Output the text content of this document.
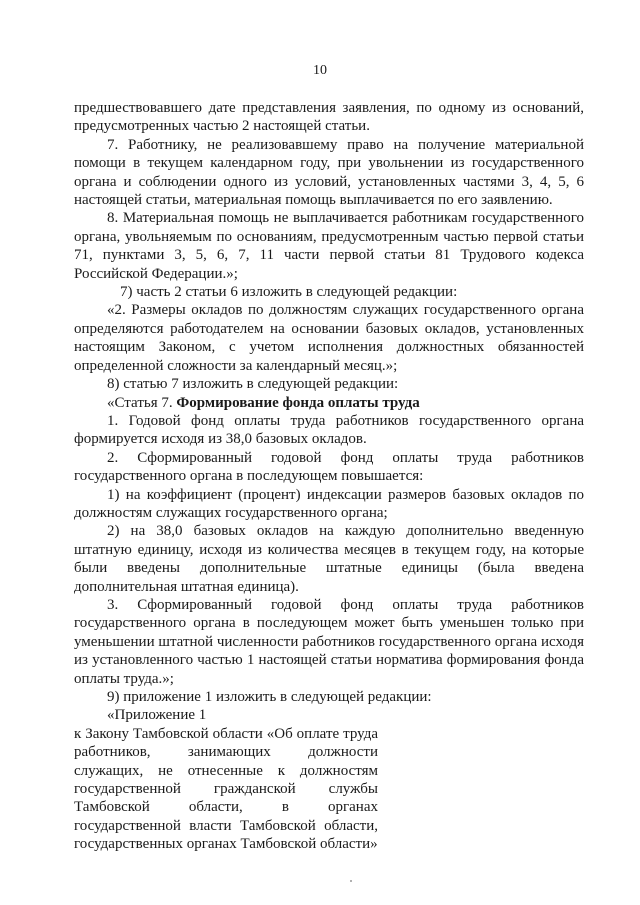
10

предшествовавшего дате представления заявления, по одному из оснований, предусмотренных частью 2 настоящей статьи.

7. Работнику, не реализовавшему право на получение материальной помощи в текущем календарном году, при увольнении из государственного органа и соблюдении одного из условий, установленных частями 3, 4, 5, 6 настоящей статьи, материальная помощь выплачивается по его заявлению.

8. Материальная помощь не выплачивается работникам государственного органа, увольняемым по основаниям, предусмотренным частью первой статьи 71, пунктами 3, 5, 6, 7, 11 части первой статьи 81 Трудового кодекса Российской Федерации.»;

7) часть 2 статьи 6 изложить в следующей редакции:

«2. Размеры окладов по должностям служащих государственного органа определяются работодателем на основании базовых окладов, установленных настоящим Законом, с учетом исполнения должностных обязанностей определенной сложности за календарный месяц.»;

8) статью 7 изложить в следующей редакции:

«Статья 7. Формирование фонда оплаты труда

1. Годовой фонд оплаты труда работников государственного органа формируется исходя из 38,0 базовых окладов.

2. Сформированный годовой фонд оплаты труда работников государственного органа в последующем повышается:

1) на коэффициент (процент) индексации размеров базовых окладов по должностям служащих государственного органа;

2) на 38,0 базовых окладов на каждую дополнительно введенную штатную единицу, исходя из количества месяцев в текущем году, на которые были введены дополнительные штатные единицы (была введена дополнительная штатная единица).

3. Сформированный годовой фонд оплаты труда работников государственного органа в последующем может быть уменьшен только при уменьшении штатной численности работников государственного органа исходя из установленного частью 1 настоящей статьи норматива формирования фонда оплаты труда.»;

9) приложение 1 изложить в следующей редакции:

«Приложение 1

к Закону Тамбовской области «Об оплате труда работников, занимающих должности служащих, не отнесенные к должностям государственной гражданской службы Тамбовской области, в органах государственной власти Тамбовской области, государственных органах Тамбовской области»
